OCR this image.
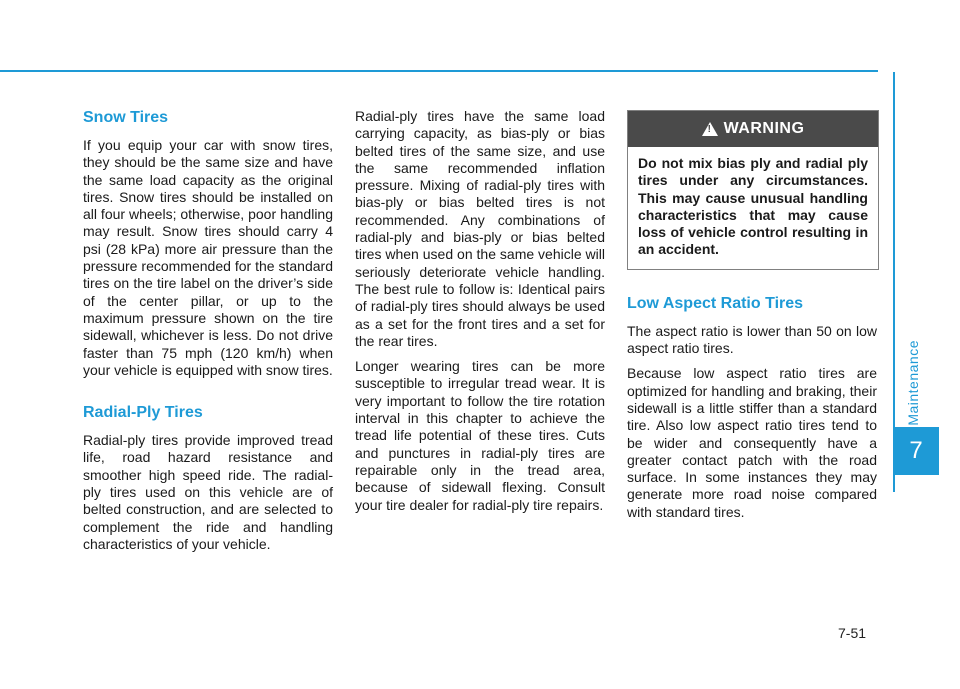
Maintenance
7
Snow Tires

If you equip your car with snow tires, they should be the same size and have the same load capacity as the original tires. Snow tires should be installed on all four wheels; otherwise, poor handling may result. Snow tires should carry 4 psi (28 kPa) more air pressure than the pressure recommended for the standard tires on the tire label on the driver’s side of the center pillar, or up to the maximum pressure shown on the tire sidewall, whichever is less. Do not drive faster than 75 mph (120 km/h) when your vehicle is equipped with snow tires.

Radial-Ply Tires

Radial-ply tires provide improved tread life, road hazard resistance and smoother high speed ride. The radial-ply tires used on this vehicle are of belted construction, and are selected to complement the ride and handling characteristics of your vehicle.

Radial-ply tires have the same load carrying capacity, as bias-ply or bias belted tires of the same size, and use the same recommended inflation pressure. Mixing of radial-ply tires with bias-ply or bias belted tires is not recommended. Any combinations of radial-ply and bias-ply or bias belted tires when used on the same vehicle will seriously deteriorate vehicle handling. The best rule to follow is: Identical pairs of radial-ply tires should always be used as a set for the front tires and a set for the rear tires.

Longer wearing tires can be more susceptible to irregular tread wear. It is very important to follow the tire rotation interval in this chapter to achieve the tread life potential of these tires. Cuts and punctures in radial-ply tires are repairable only in the tread area, because of sidewall flexing. Consult your tire dealer for radial-ply tire repairs.

! WARNING
Do not mix bias ply and radial ply tires under any circumstances. This may cause unusual handling characteristics that may cause loss of vehicle control resulting in an accident.
Low Aspect Ratio Tires

The aspect ratio is lower than 50 on low aspect ratio tires.

Because low aspect ratio tires are optimized for handling and braking, their sidewall is a little stiffer than a standard tire. Also low aspect ratio tires tend to be wider and consequently have a greater contact patch with the road surface. In some instances they may generate more road noise compared with standard tires.

7-51
